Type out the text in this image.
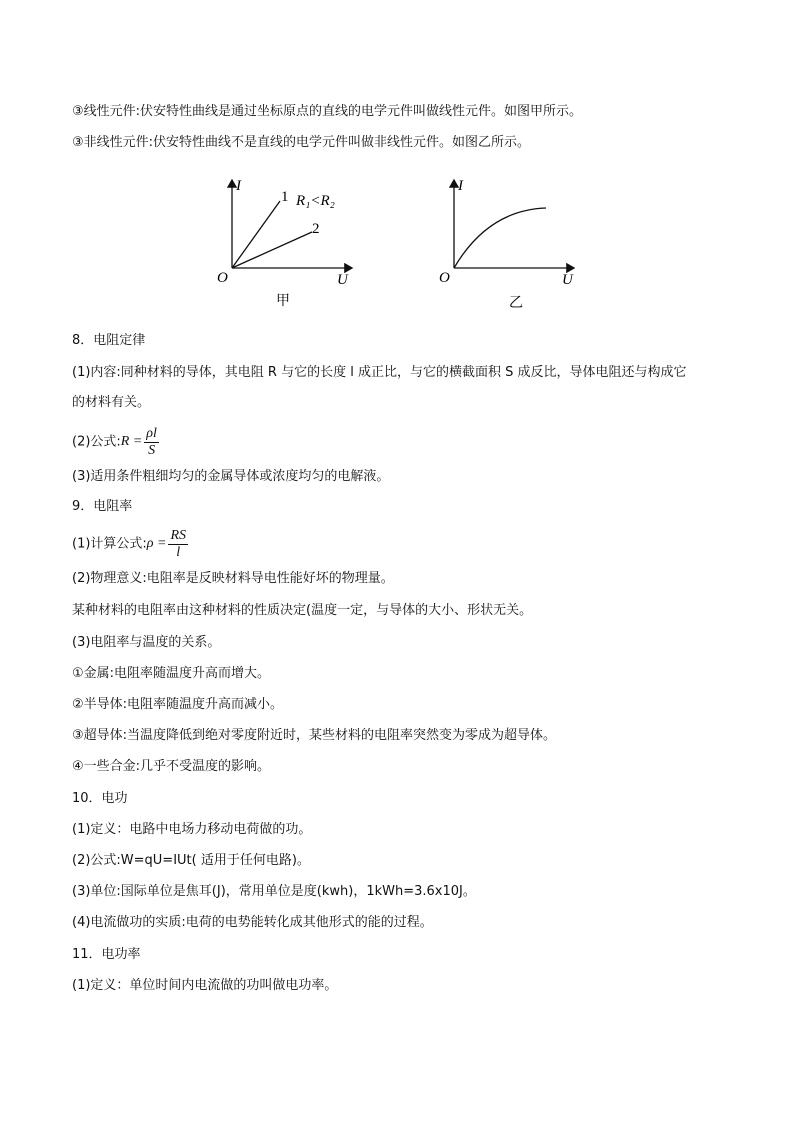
③线性元件:伏安特性曲线是通过坐标原点的直线的电学元件叫做线性元件。如图甲所示。
③非线性元件:伏安特性曲线不是直线的电学元件叫做非线性元件。如图乙所示。
I
U
O
1
2
R₁<R₂
甲
I
U
O
乙
8．电阻定律
(1)内容:同种材料的导体，其电阻 R 与它的长度 l 成正比，与它的横截面积 S 成反比，导体电阻还与构成它
的材料有关。
(2)公式:R = $\frac{\rho l}{S}$
(3)适用条件粗细均匀的金属导体或浓度均匀的电解液。
9．电阻率
(1)计算公式:ρ = $\frac{RS}{l}$
(2)物理意义:电阻率是反映材料导电性能好坏的物理量。
某种材料的电阻率由这种材料的性质决定(温度一定，与导体的大小、形状无关。
(3)电阻率与温度的关系。
①金属:电阻率随温度升高而增大。
②半导体:电阻率随温度升高而减小。
③超导体:当温度降低到绝对零度附近时，某些材料的电阻率突然变为零成为超导体。
④一些合金:几乎不受温度的影响。
10．电功
(1)定义：电路中电场力移动电荷做的功。
(2)公式:W=qU=IUt( 适用于任何电路)。
(3)单位:国际单位是焦耳(J)，常用单位是度(kwh)，1kWh=3.6x10J。
(4)电流做功的实质:电荷的电势能转化成其他形式的能的过程。
11．电功率
(1)定义：单位时间内电流做的功叫做电功率。
